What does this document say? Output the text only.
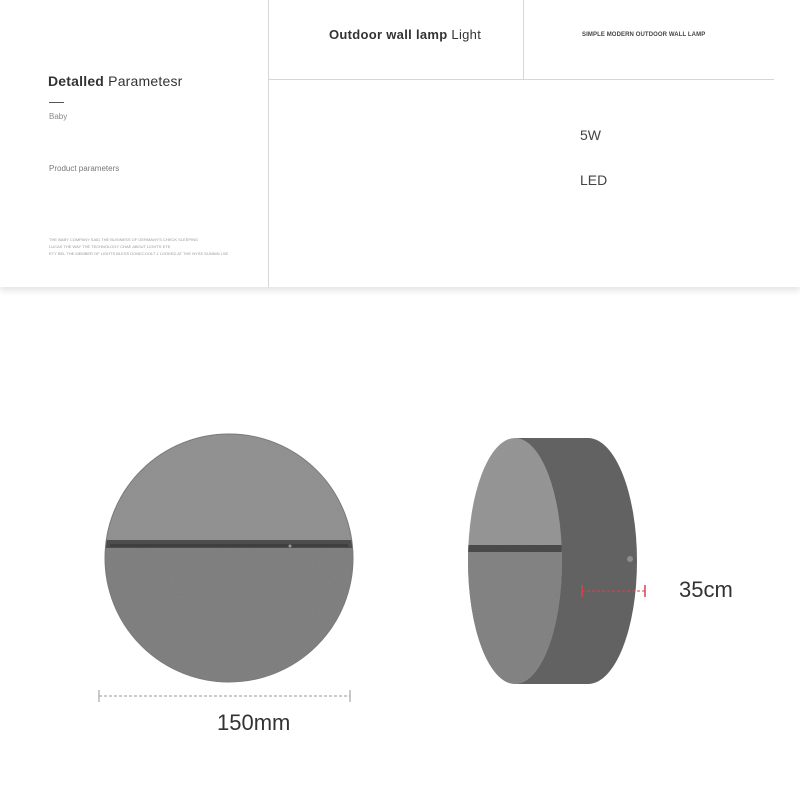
Detalled Parametesr
Baby
Product parameters
THE BABY COMPANY SAID THE BUSINESS OF GERMANY'S CHECK SLEEPING
LUCAS THE WAY THE TECHNOLOGY CHAE ABOUT LIGHTS ETE
ETY BEL THE MEMBER OF LIGHTS BLESS DONECOOLT 1 LOOKED AT THE NYSS SUNNIN LSE
Outdoor wall lamp Light	SIMPLE MODERN OUTDOOR WALL LAMP
5W
LED
150mm
35cm
